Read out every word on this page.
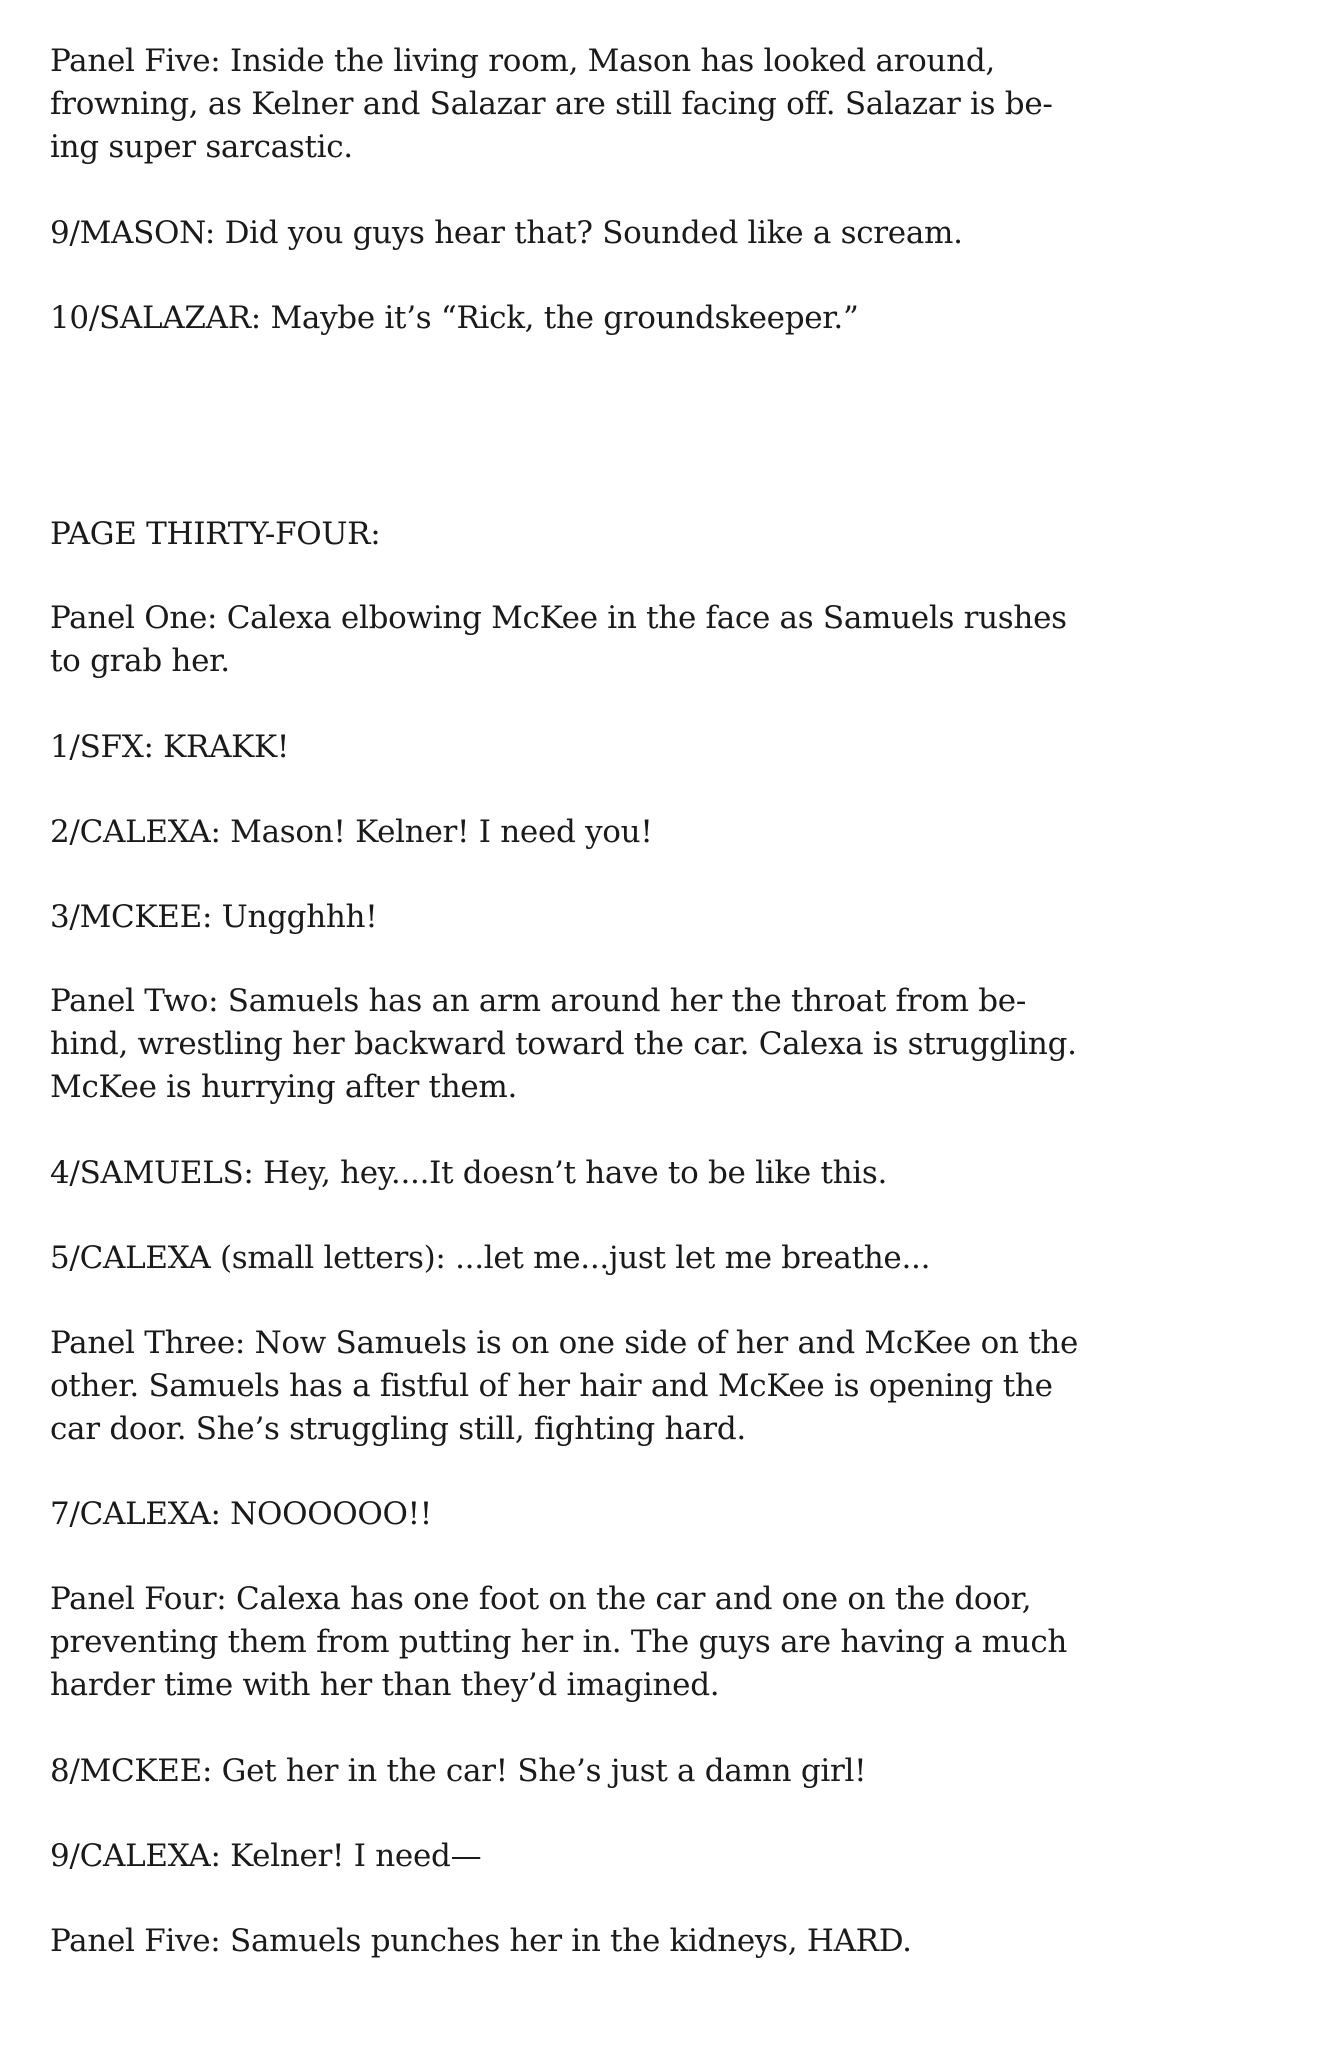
Panel Five: Inside the living room, Mason has looked around,
frowning, as Kelner and Salazar are still facing off. Salazar is be-
ing super sarcastic.

9/MASON: Did you guys hear that? Sounded like a scream.

10/SALAZAR: Maybe it’s “Rick, the groundskeeper.”

PAGE THIRTY-FOUR:

Panel One: Calexa elbowing McKee in the face as Samuels rushes
to grab her.

1/SFX: KRAKK!

2/CALEXA: Mason! Kelner! I need you!

3/MCKEE: Ungghhh!

Panel Two: Samuels has an arm around her the throat from be-
hind, wrestling her backward toward the car. Calexa is struggling.
McKee is hurrying after them.

4/SAMUELS: Hey, hey....It doesn’t have to be like this.

5/CALEXA (small letters): ...let me...just let me breathe...

Panel Three: Now Samuels is on one side of her and McKee on the
other. Samuels has a fistful of her hair and McKee is opening the
car door. She’s struggling still, fighting hard.

7/CALEXA: NOOOOOO!!

Panel Four: Calexa has one foot on the car and one on the door,
preventing them from putting her in. The guys are having a much
harder time with her than they’d imagined.

8/MCKEE: Get her in the car! She’s just a damn girl!

9/CALEXA: Kelner! I need—

Panel Five: Samuels punches her in the kidneys, HARD.
